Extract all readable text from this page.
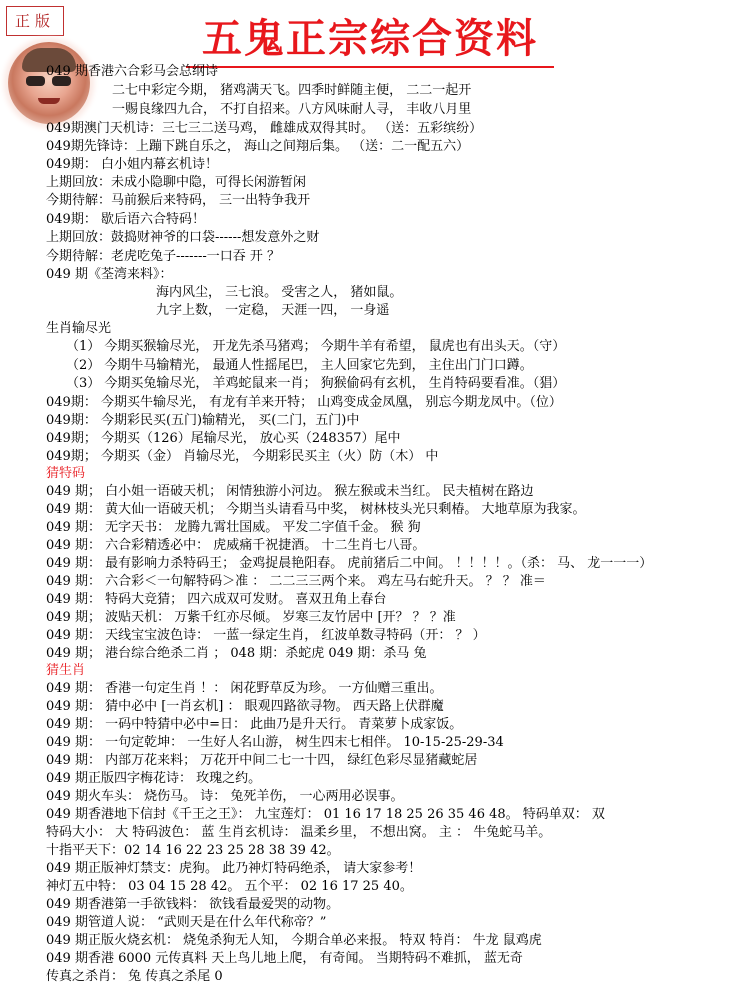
正版	五鬼正宗综合资料
049 期香港六合彩马会总纲诗
二七中彩定今期， 猪鸡满天飞。四季时鲜随主便， 二二一起开
一赐良缘四九合， 不打自招来。八方风味耐人寻， 丰收八月里
049期澳门天机诗：三七三二送马鸡， 雌雄成双得其时。 （送：五彩缤纷）
049期先锋诗：上蹦下跳自乐之， 海山之间翔后集。 （送：二一配五六）
049期： 白小姐内幕玄机诗！
上期回放：未成小隐聊中隐，可得长闲游暂闲
今期待解：马前猴后来特码， 三一出特争我开
049期： 歇后语六合特码！
上期回放：鼓捣财神爷的口袋------想发意外之财
今期待解：老虎吃兔子-------一口吞 开 ？
049 期《荃湾来料》：
海内风尘， 三七浪。 受害之人， 猪如鼠。
九字上数， 一定稳， 天涯一四， 一身遥
生肖输尽光
（1） 今期买猴输尽光， 开龙先杀马猪鸡； 今期牛羊有希望， 鼠虎也有出头天。（守）
（2） 今期牛马输精光， 最通人性摇尾巴， 主人回家它先到， 主住出门门口蹲。
（3） 今期买兔输尽光， 羊鸡蛇鼠来一肖； 狗猴偷码有玄机， 生肖特码要看准。（猖）
049期： 今期买牛输尽光， 有龙有羊来开特； 山鸡变成金凤凰， 别忘今期龙凤中。（位）
049期： 今期彩民买(五门)输精光， 买(二门，五门)中
049期； 今期买（126）尾输尽光， 放心买（248357）尾中
049期； 今期买（金） 肖输尽光， 今期彩民买主（火）防（木） 中
猜特码
049 期； 白小姐一语破天机； 闲情独游小河边。 猴左猴或未当红。 民夫植树在路边
049 期： 黄大仙一语破天机； 今期当头请看马中奖， 树林枝头光只剩椿。 大地草原为我家。
049 期： 无字天书： 龙腾九霄壮国威。 平发二字值千金。 猴 狗
049 期： 六合彩精透必中： 虎威痛千祝捷酒。 十二生肖七八哥。
049 期： 最有影响力杀特码王； 金鸡捉晨艳阳春。 虎前猪后二中间。 ！！！！。（杀： 马、 龙一一一）
049 期： 六合彩＜一句解特码＞准 ： 二二三三两个来。 鸡左马右蛇升天。 ？ ？ 准＝
049 期： 特码大竞猜； 四六成双可发财。 喜双丑角上春台
049 期； 波贴天机： 万紫千红亦尽倾。 岁寒三友竹居中 [开？ ？ ？准
049 期： 天线宝宝波色诗： 一蓝一绿定生肖， 红波单数寻特码（开： ？ ）
049 期； 港台综合绝杀二肖 ； 048 期：杀蛇虎 049 期：杀马 兔
猜生肖
049 期： 香港一句定生肖 ！： 闲花野草反为珍。 一方仙赠三重出。
049 期： 猜中必中 [一肖玄机] ： 眼观四路欲寻物。 西天路上伏群魔
049 期： 一码中特猜中必中=日： 此曲乃是升天行。 青菜萝卜成家饭。
049 期： 一句定乾坤： 一生好人名山游， 树生四末七相伴。 10-15-25-29-34
049 期： 内部万花来料； 万花开中间二七一十四， 绿红色彩尽显猪藏蛇居
049 期正版四字梅花诗： 玫瑰之约。
049 期火车头： 烧伤马。 诗： 兔死羊伤， 一心两用必误事。
049 期香港地下信封《千王之王》： 九宝莲灯： 01 16 17 18 25 26 35 46 48。 特码单双： 双
特码大小： 大 特码波色： 蓝 生肖玄机诗： 温柔乡里， 不想出窝。 主 ： 牛兔蛇马羊。
十指平天下：02 14 16 22 23 25 28 38 39 42。
049 期正版神灯禁支：虎狗。 此乃神灯特码绝杀， 请大家参考！
神灯五中特： 03 04 15 28 42。 五个平： 02 16 17 25 40。
049 期香港第一手欲钱料： 欲钱看最爱哭的动物。
049 期管道人说： “武则天是在什么年代称帝？”
049 期正版火烧玄机： 烧兔杀狗无人知， 今期合单必来报。 特双 特肖： 牛龙 鼠鸡虎
049 期香港 6000 元传真料 天上鸟儿地上爬， 有奇闻。 当期特码不难抓， 蓝无奇
传真之杀肖： 兔 传真之杀尾 0
